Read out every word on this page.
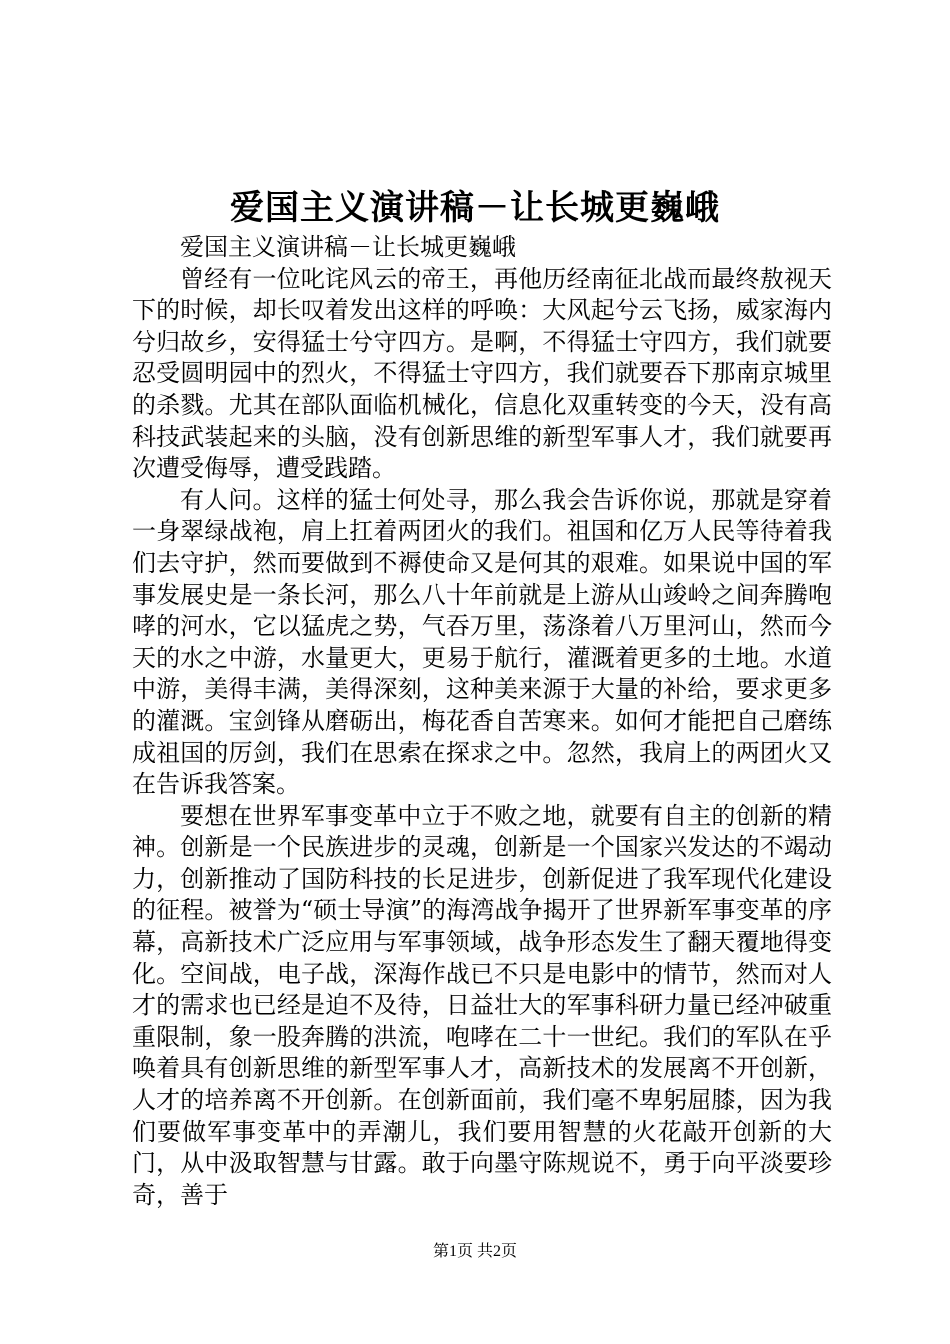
爱国主义演讲稿－让长城更巍峨

爱国主义演讲稿－让长城更巍峨

曾经有一位叱诧风云的帝王，再他历经南征北战而最终敖视天下的时候，却长叹着发出这样的呼唤：大风起兮云飞扬，威家海内兮归故乡，安得猛士兮守四方。是啊，不得猛士守四方，我们就要忍受圆明园中的烈火，不得猛士守四方，我们就要吞下那南京城里的杀戮。尤其在部队面临机械化，信息化双重转变的今天，没有高科技武装起来的头脑，没有创新思维的新型军事人才，我们就要再次遭受侮辱，遭受践踏。

有人问。这样的猛士何处寻，那么我会告诉你说，那就是穿着一身翠绿战袍，肩上扛着两团火的我们。祖国和亿万人民等待着我们去守护，然而要做到不褥使命又是何其的艰难。如果说中国的军事发展史是一条长河，那么八十年前就是上游从山竣岭之间奔腾咆哮的河水，它以猛虎之势，气吞万里，荡涤着八万里河山，然而今天的水之中游，水量更大，更易于航行，灌溉着更多的土地。水道中游，美得丰满，美得深刻，这种美来源于大量的补给，要求更多的灌溉。宝剑锋从磨砺出，梅花香自苦寒来。如何才能把自己磨练成祖国的厉剑，我们在思索在探求之中。忽然，我肩上的两团火又在告诉我答案。

要想在世界军事变革中立于不败之地，就要有自主的创新的精神。创新是一个民族进步的灵魂，创新是一个国家兴发达的不竭动力，创新推动了国防科技的长足进步，创新促进了我军现代化建设的征程。被誉为“硕士导演”的海湾战争揭开了世界新军事变革的序幕，高新技术广泛应用与军事领域，战争形态发生了翻天覆地得变化。空间战，电子战，深海作战已不只是电影中的情节，然而对人才的需求也已经是迫不及待，日益壮大的军事科研力量已经冲破重重限制，象一股奔腾的洪流，咆哮在二十一世纪。我们的军队在乎唤着具有创新思维的新型军事人才，高新技术的发展离不开创新，人才的培养离不开创新。在创新面前，我们毫不卑躬屈膝，因为我们要做军事变革中的弄潮儿，我们要用智慧的火花敲开创新的大门，从中汲取智慧与甘露。敢于向墨守陈规说不，勇于向平淡要珍奇，善于

第1页 共2页
